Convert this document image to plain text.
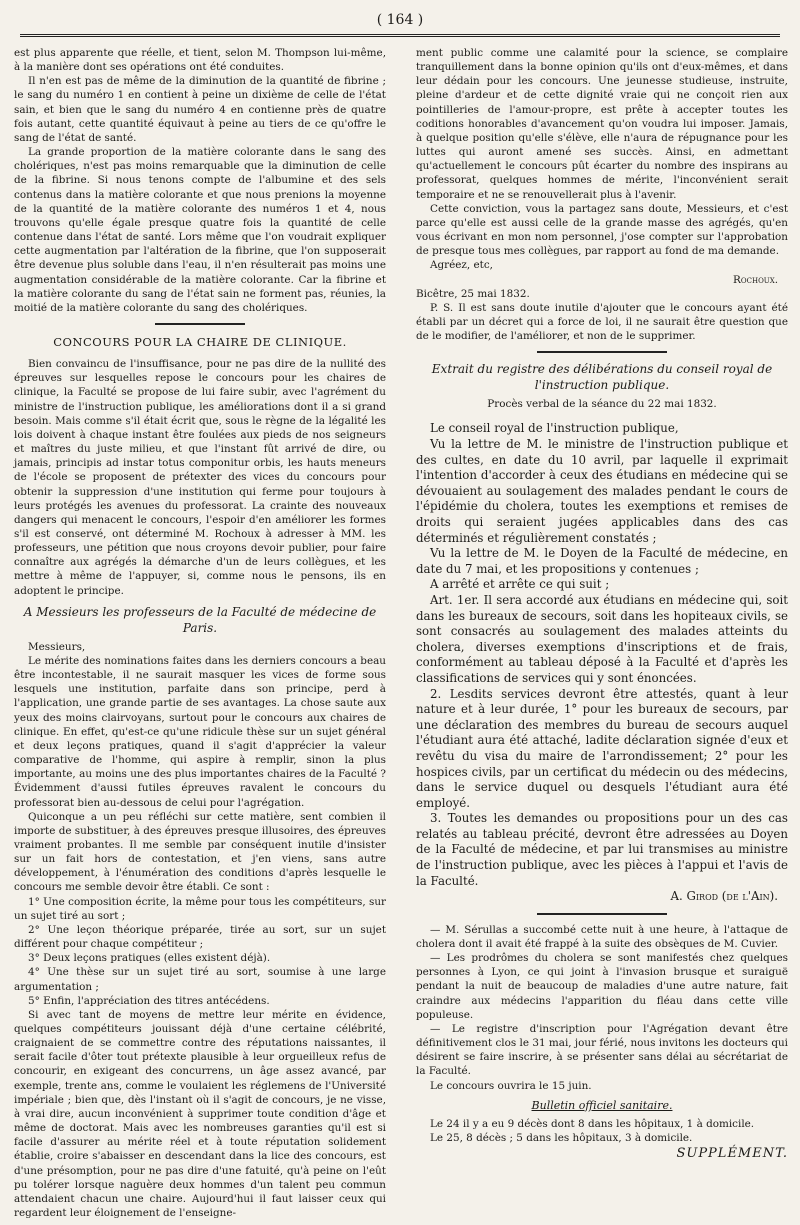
( 164 )

est plus apparente que réelle, et tient, selon M. Thompson lui-même, à la manière dont ses opérations ont été conduites.

Il n'en est pas de même de la diminution de la quantité de fibrine ; le sang du numéro 1 en contient à peine un dixième de celle de l'état sain, et bien que le sang du numéro 4 en contienne près de quatre fois autant, cette quantité équivaut à peine au tiers de ce qu'offre le sang de l'état de santé.

La grande proportion de la matière colorante dans le sang des cholériques, n'est pas moins remarquable que la diminution de celle de la fibrine. Si nous tenons compte de l'albumine et des sels contenus dans la matière colorante et que nous prenions la moyenne de la quantité de la matière colorante des numéros 1 et 4, nous trouvons qu'elle égale presque quatre fois la quantité de celle contenue dans l'état de santé. Lors même que l'on voudrait expliquer cette augmentation par l'altération de la fibrine, que l'on supposerait être devenue plus soluble dans l'eau, il n'en résulterait pas moins une augmentation considérable de la matière colorante. Car la fibrine et la matière colorante du sang de l'état sain ne forment pas, réunies, la moitié de la matière colorante du sang des cholériques.

CONCOURS POUR LA CHAIRE DE CLINIQUE.

Bien convaincu de l'insuffisance, pour ne pas dire de la nullité des épreuves sur lesquelles repose le concours pour les chaires de clinique, la Faculté se propose de lui faire subir, avec l'agrément du ministre de l'instruction publique, les améliorations dont il a si grand besoin. Mais comme s'il était écrit que, sous le règne de la légalité les lois doivent à chaque instant être foulées aux pieds de nos seigneurs et maîtres du juste milieu, et que l'instant fût arrivé de dire, ou jamais, principis ad instar totus componitur orbis, les hauts meneurs de l'école se proposent de prétexter des vices du concours pour obtenir la suppression d'une institution qui ferme pour toujours à leurs protégés les avenues du professorat. La crainte des nouveaux dangers qui menacent le concours, l'espoir d'en améliorer les formes s'il est conservé, ont déterminé M. Rochoux à adresser à MM. les professeurs, une pétition que nous croyons devoir publier, pour faire connaître aux agrégés la démarche d'un de leurs collègues, et les mettre à même de l'appuyer, si, comme nous le pensons, ils en adoptent le principe.

A Messieurs les professeurs de la Faculté de médecine de Paris.

Messieurs,

Le mérite des nominations faites dans les derniers concours a beau être incontestable, il ne saurait masquer les vices de forme sous lesquels une institution, parfaite dans son principe, perd à l'application, une grande partie de ses avantages. La chose saute aux yeux des moins clairvoyans, surtout pour le concours aux chaires de clinique. En effet, qu'est-ce qu'une ridicule thèse sur un sujet général et deux leçons pratiques, quand il s'agit d'apprécier la valeur comparative de l'homme, qui aspire à remplir, sinon la plus importante, au moins une des plus importantes chaires de la Faculté ? Évidemment d'aussi futiles épreuves ravalent le concours du professorat bien au-dessous de celui pour l'agrégation.

Quiconque a un peu réfléchi sur cette matière, sent combien il importe de substituer, à des épreuves presque illusoires, des épreuves vraiment probantes. Il me semble par conséquent inutile d'insister sur un fait hors de contestation, et j'en viens, sans autre développement, à l'énumération des conditions d'après lesquelle le concours me semble devoir être établi. Ce sont :

1° Une composition écrite, la même pour tous les compétiteurs, sur un sujet tiré au sort ;

2° Une leçon théorique préparée, tirée au sort, sur un sujet différent pour chaque compétiteur ;

3° Deux leçons pratiques (elles existent déjà).

4° Une thèse sur un sujet tiré au sort, soumise à une large argumentation ;

5° Enfin, l'appréciation des titres antécédens.

Si avec tant de moyens de mettre leur mérite en évidence, quelques compétiteurs jouissant déjà d'une certaine célébrité, craignaient de se commettre contre des réputations naissantes, il serait facile d'ôter tout prétexte plausible à leur orgueilleux refus de concourir, en exigeant des concurrens, un âge assez avancé, par exemple, trente ans, comme le voulaient les réglemens de l'Université impériale ; bien que, dès l'instant où il s'agit de concours, je ne visse, à vrai dire, aucun inconvénient à supprimer toute condition d'âge et même de doctorat. Mais avec les nombreuses garanties qu'il est si facile d'assurer au mérite réel et à toute réputation solidement établie, croire s'abaisser en descendant dans la lice des concours, est d'une présomption, pour ne pas dire d'une fatuité, qu'à peine on l'eût pu tolérer lorsque naguère deux hommes d'un talent peu commun attendaient chacun une chaire. Aujourd'hui il faut laisser ceux qui regardent leur éloignement de l'enseigne-

ment public comme une calamité pour la science, se complaire tranquillement dans la bonne opinion qu'ils ont d'eux-mêmes, et dans leur dédain pour les concours. Une jeunesse studieuse, instruite, pleine d'ardeur et de cette dignité vraie qui ne conçoit rien aux pointilleries de l'amour-propre, est prête à accepter toutes les coditions honorables d'avancement qu'on voudra lui imposer. Jamais, à quelque position qu'elle s'élève, elle n'aura de répugnance pour les luttes qui auront amené ses succès. Ainsi, en admettant qu'actuellement le concours pût écarter du nombre des inspirans au professorat, quelques hommes de mérite, l'inconvénient serait temporaire et ne se renouvellerait plus à l'avenir.

Cette conviction, vous la partagez sans doute, Messieurs, et c'est parce qu'elle est aussi celle de la grande masse des agrégés, qu'en vous écrivant en mon nom personnel, j'ose compter sur l'approbation de presque tous mes collègues, par rapport au fond de ma demande.

Agréez, etc,

Rochoux.

Bicêtre, 25 mai 1832.

P. S. Il est sans doute inutile d'ajouter que le concours ayant été établi par un décret qui a force de loi, il ne saurait être question que de le modifier, de l'améliorer, et non de le supprimer.

Extrait du registre des délibérations du conseil royal de l'instruction publique.
Procès verbal de la séance du 22 mai 1832.

Le conseil royal de l'instruction publique,

Vu la lettre de M. le ministre de l'instruction publique et des cultes, en date du 10 avril, par laquelle il exprimait l'intention d'accorder à ceux des étudians en médecine qui se dévouaient au soulagement des malades pendant le cours de l'épidémie du cholera, toutes les exemptions et remises de droits qui seraient jugées applicables dans des cas déterminés et régulièrement constatés ;

Vu la lettre de M. le Doyen de la Faculté de médecine, en date du 7 mai, et les propositions y contenues ;

A arrêté et arrête ce qui suit ;

Art. 1er. Il sera accordé aux étudians en médecine qui, soit dans les bureaux de secours, soit dans les hopiteaux civils, se sont consacrés au soulagement des malades atteints du cholera, diverses exemptions d'inscriptions et de frais, conformément au tableau déposé à la Faculté et d'après les classifications de services qui y sont énoncées.

2. Lesdits services devront être attestés, quant à leur nature et à leur durée, 1° pour les bureaux de secours, par une déclaration des membres du bureau de secours auquel l'étudiant aura été attaché, ladite déclaration signée d'eux et revêtu du visa du maire de l'arrondissement; 2° pour les hospices civils, par un certificat du médecin ou des médecins, dans le service duquel ou desquels l'étudiant aura été employé.

3. Toutes les demandes ou propositions pour un des cas relatés au tableau précité, devront être adressées au Doyen de la Faculté de médecine, et par lui transmises au ministre de l'instruction publique, avec les pièces à l'appui et l'avis de la Faculté.

A. Girod (de l'Ain).

— M. Sérullas a succombé cette nuit à une heure, à l'attaque de cholera dont il avait été frappé à la suite des obsèques de M. Cuvier.

— Les prodrômes du cholera se sont manifestés chez quelques personnes à Lyon, ce qui joint à l'invasion brusque et suraiguë pendant la nuit de beaucoup de maladies d'une autre nature, fait craindre aux médecins l'apparition du fléau dans cette ville populeuse.

— Le registre d'inscription pour l'Agrégation devant être définitivement clos le 31 mai, jour férié, nous invitons les docteurs qui désirent se faire inscrire, à se présenter sans délai au sécrétariat de la Faculté.

Le concours ouvrira le 15 juin.

Bulletin officiel sanitaire.

Le 24 il y a eu 9 décès dont 8 dans les hôpitaux, 1 à domicile.

Le 25, 8 décès ; 5 dans les hôpitaux, 3 à domicile.

SUPPLÉMENT.
